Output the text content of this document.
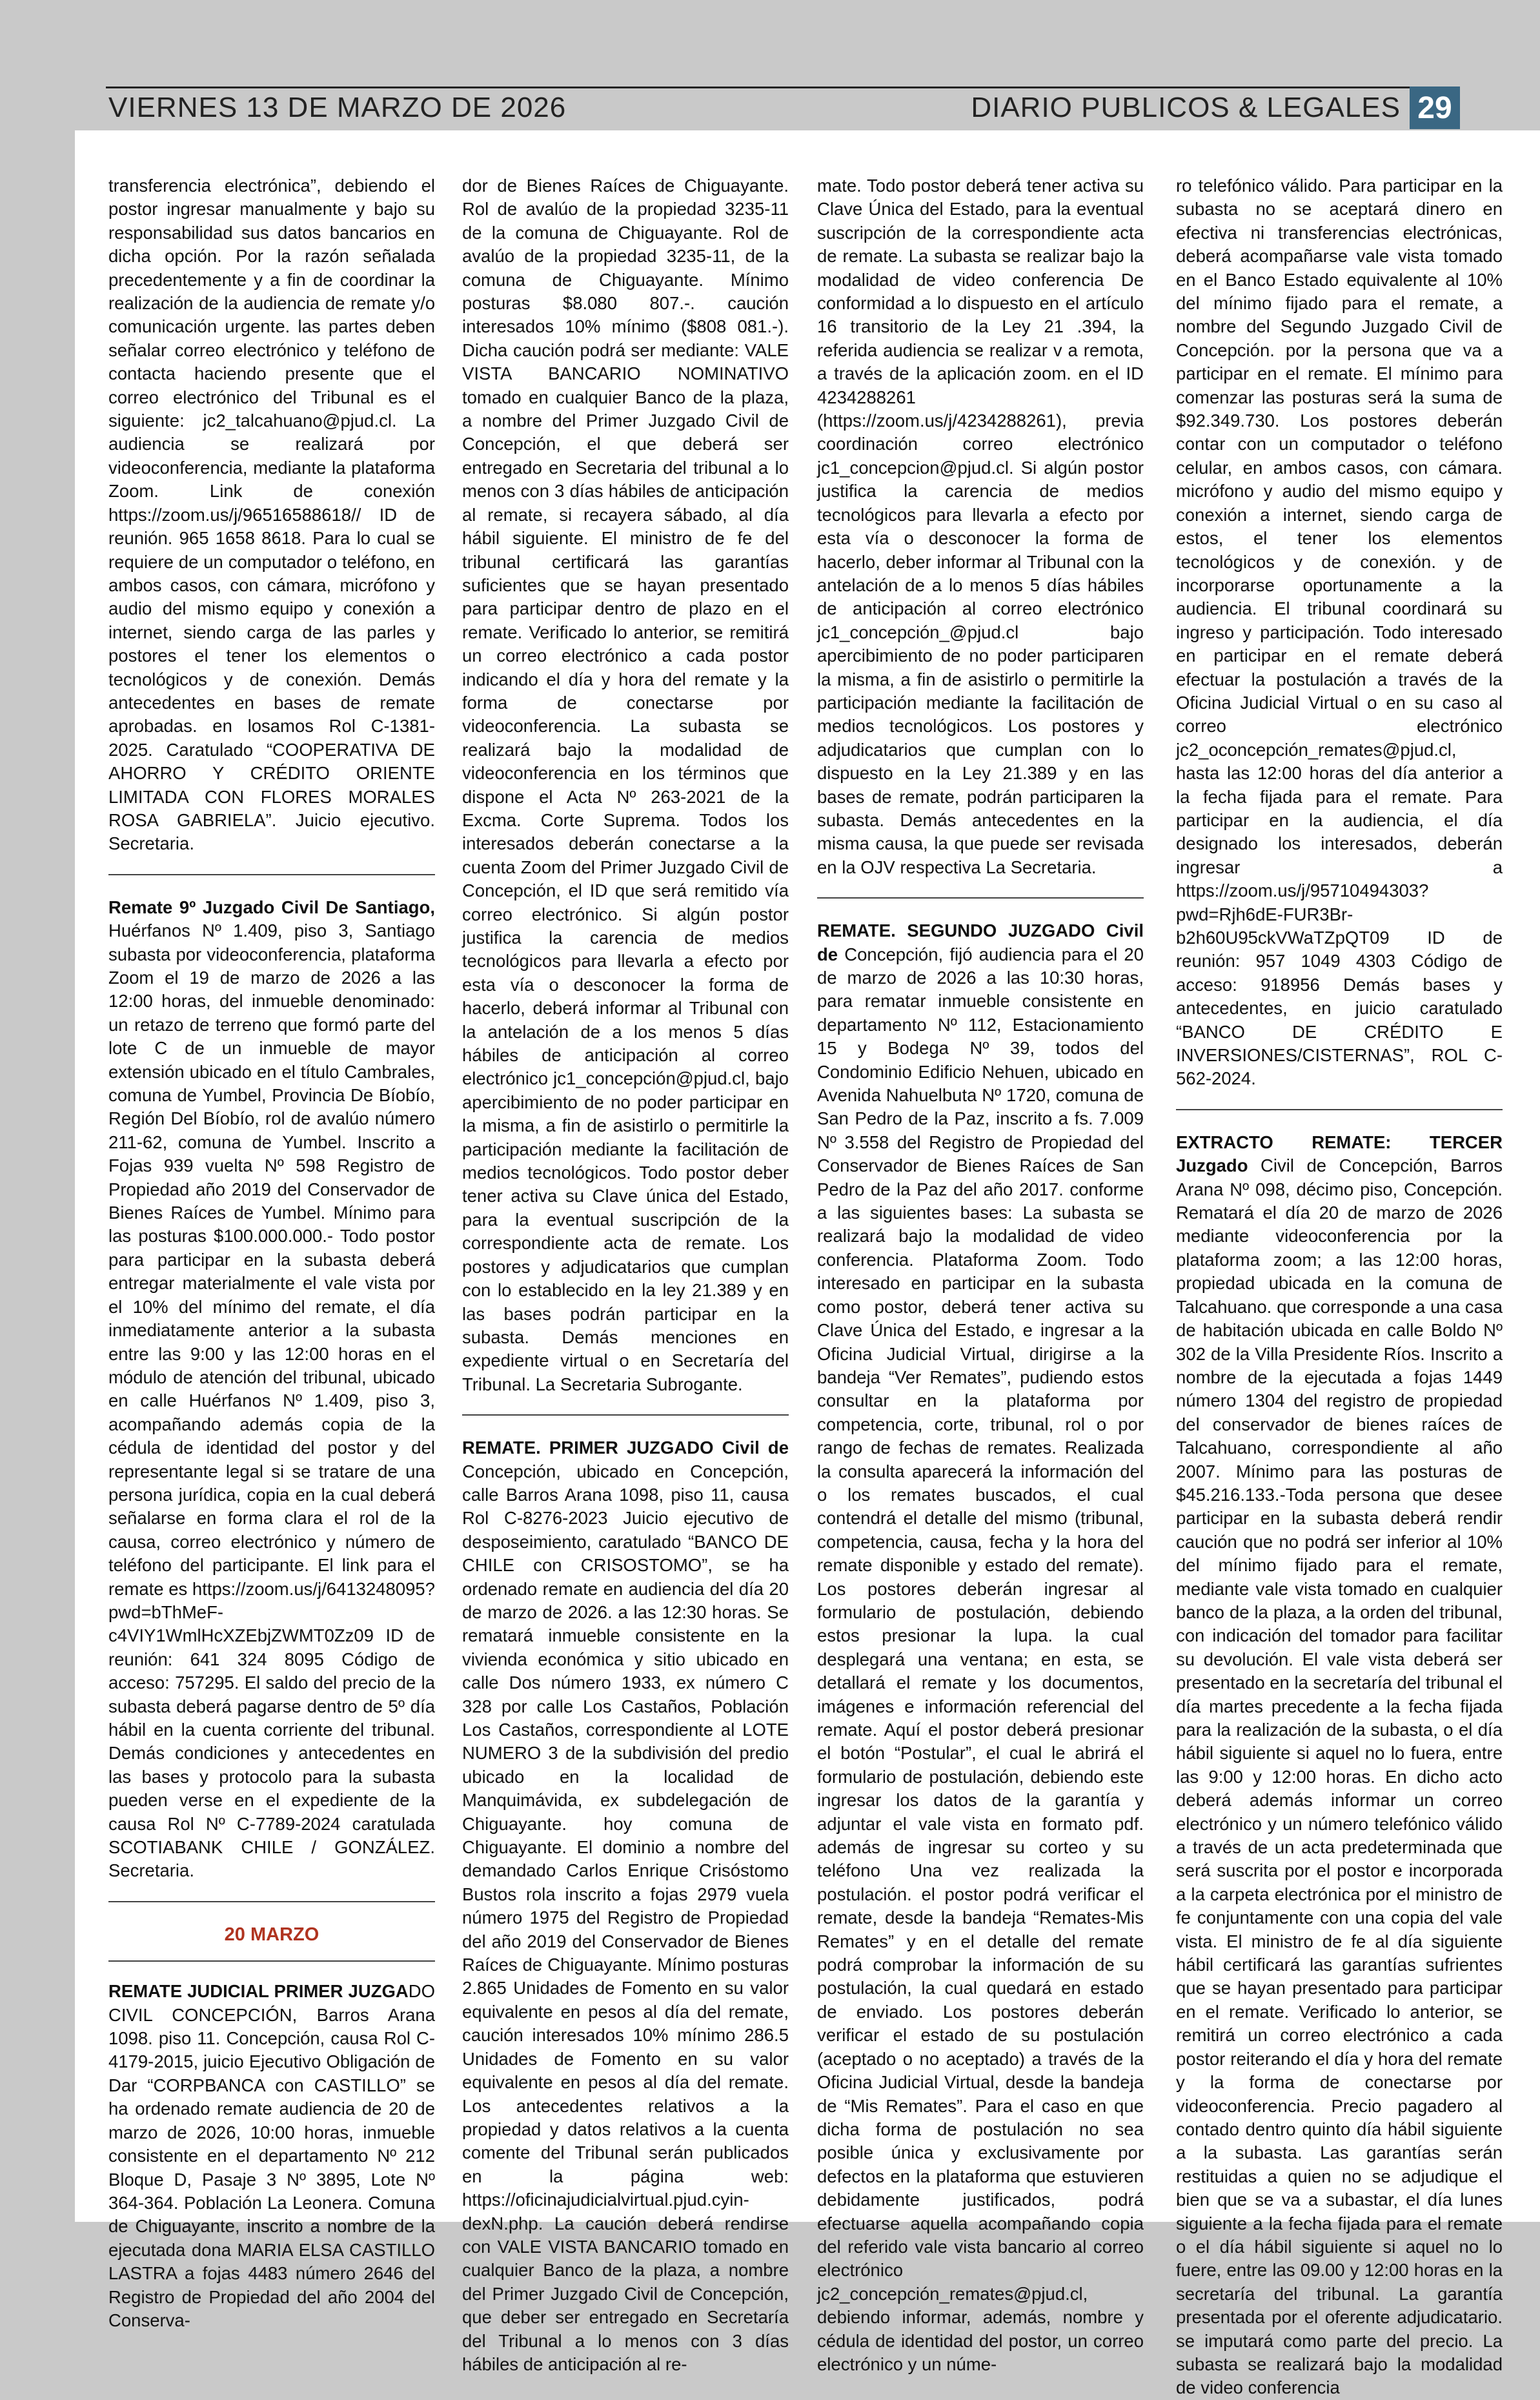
VIERNES 13 DE MARZO DE 2026	DIARIO PUBLICOS & LEGALES 29

transferencia electrónica”, debiendo el postor ingresar manualmente y bajo su responsabilidad sus datos bancarios en dicha opción. Por la razón señalada precedentemente y a fin de coordinar la realización de la audiencia de remate y/o comunicación urgente. las partes deben señalar correo electrónico y teléfono de contacta haciendo presente que el correo electrónico del Tribunal es el siguiente: jc2_talcahuano@pjud.cl. La audiencia se realizará por videoconferencia, mediante la plataforma Zoom. Link de conexión https://zoom.us/j/96516588618// ID de reunión. 965 1658 8618. Para lo cual se requiere de un computador o teléfono, en ambos casos, con cámara, micrófono y audio del mismo equipo y conexión a internet, siendo carga de las parles y postores el tener los elementos o tecnológicos y de conexión. Demás antecedentes en bases de remate aprobadas. en losamos Rol C-1381-2025. Caratulado “COOPERATIVA DE AHORRO Y CRÉDITO ORIENTE LIMITADA CON FLORES MORALES ROSA GABRIELA”. Juicio ejecutivo. Secretaria.

Remate 9º Juzgado Civil De Santiago, Huérfanos Nº 1.409, piso 3, Santiago subasta por videoconferencia, plataforma Zoom el 19 de marzo de 2026 a las 12:00 horas, del inmueble denominado: un retazo de terreno que formó parte del lote C de un inmueble de mayor extensión ubicado en el título Cambrales, comuna de Yumbel, Provincia De Bíobío, Región Del Bíobío, rol de avalúo número 211-62, comuna de Yumbel. Inscrito a Fojas 939 vuelta Nº 598 Registro de Propiedad año 2019 del Conservador de Bienes Raíces de Yumbel. Mínimo para las posturas $100.000.000.- Todo postor para participar en la subasta deberá entregar materialmente el vale vista por el 10% del mínimo del remate, el día inmediatamente anterior a la subasta entre las 9:00 y las 12:00 horas en el módulo de atención del tribunal, ubicado en calle Huérfanos Nº 1.409, piso 3, acompañando además copia de la cédula de identidad del postor y del representante legal si se tratare de una persona jurídica, copia en la cual deberá señalarse en forma clara el rol de la causa, correo electrónico y número de teléfono del participante. El link para el remate es https://zoom.us/j/6413248095?pwd=bThMeF-c4VIY1WmlHcXZEbjZWMT0Zz09 ID de reunión: 641 324 8095 Código de acceso: 757295. El saldo del precio de la subasta deberá pagarse dentro de 5º día hábil en la cuenta corriente del tribunal. Demás condiciones y antecedentes en las bases y protocolo para la subasta pueden verse en el expediente de la causa Rol Nº C-7789-2024 caratulada SCOTIABANK CHILE / GONZÁLEZ. Secretaria.

20 MARZO

REMATE JUDICIAL PRIMER JUZGADO CIVIL CONCEPCIÓN, Barros Arana 1098. piso 11. Concepción, causa Rol C-4179-2015, juicio Ejecutivo Obligación de Dar “CORPBANCA con CASTILLO” se ha ordenado remate audiencia de 20 de marzo de 2026, 10:00 horas, inmueble consistente en el departamento Nº 212 Bloque D, Pasaje 3 Nº 3895, Lote Nº 364-364. Población La Leonera. Comuna de Chiguayante, inscrito a nombre de la ejecutada dona MARIA ELSA CASTILLO LASTRA a fojas 4483 número 2646 del Registro de Propiedad del año 2004 del Conserva-

dor de Bienes Raíces de Chiguayante. Rol de avalúo de la propiedad 3235-11 de la comuna de Chiguayante. Rol de avalúo de la propiedad 3235-11, de la comuna de Chiguayante. Mínimo posturas $8.080 807.-. caución interesados 10% mínimo ($808 081.-). Dicha caución podrá ser mediante: VALE VISTA BANCARIO NOMINATIVO tomado en cualquier Banco de la plaza, a nombre del Primer Juzgado Civil de Concepción, el que deberá ser entregado en Secretaria del tribunal a lo menos con 3 días hábiles de anticipación al remate, si recayera sábado, al día hábil siguiente. El ministro de fe del tribunal certificará las garantías suficientes que se hayan presentado para participar dentro de plazo en el remate. Verificado lo anterior, se remitirá un correo electrónico a cada postor indicando el día y hora del remate y la forma de conectarse por videoconferencia. La subasta se realizará bajo la modalidad de videoconferencia en los términos que dispone el Acta Nº 263-2021 de la Excma. Corte Suprema. Todos los interesados deberán conectarse a la cuenta Zoom del Primer Juzgado Civil de Concepción, el ID que será remitido vía correo electrónico. Si algún postor justifica la carencia de medios tecnológicos para llevarla a efecto por esta vía o desconocer la forma de hacerlo, deberá informar al Tribunal con la antelación de a los menos 5 días hábiles de anticipación al correo electrónico jc1_concepción@pjud.cl, bajo apercibimiento de no poder participar en la misma, a fin de asistirlo o permitirle la participación mediante la facilitación de medios tecnológicos. Todo postor deber tener activa su Clave única del Estado, para la eventual suscripción de la correspondiente acta de remate. Los postores y adjudicatarios que cumplan con lo establecido en la ley 21.389 y en las bases podrán participar en la subasta. Demás menciones en expediente virtual o en Secretaría del Tribunal. La Secretaria Subrogante.

REMATE. PRIMER JUZGADO Civil de Concepción, ubicado en Concepción, calle Barros Arana 1098, piso 11, causa Rol C-8276-2023 Juicio ejecutivo de desposeimiento, caratulado “BANCO DE CHILE con CRISOSTOMO”, se ha ordenado remate en audiencia del día 20 de marzo de 2026. a las 12:30 horas. Se rematará inmueble consistente en la vivienda económica y sitio ubicado en calle Dos número 1933, ex número C 328 por calle Los Castaños, Población Los Castaños, correspondiente al LOTE NUMERO 3 de la subdivisión del predio ubicado en la localidad de Manquimávida, ex subdelegación de Chiguayante. hoy comuna de Chiguayante. El dominio a nombre del demandado Carlos Enrique Crisóstomo Bustos rola inscrito a fojas 2979 vuela número 1975 del Registro de Propiedad del año 2019 del Conservador de Bienes Raíces de Chiguayante. Mínimo posturas 2.865 Unidades de Fomento en su valor equivalente en pesos al día del remate, caución interesados 10% mínimo 286.5 Unidades de Fomento en su valor equivalente en pesos al día del remate. Los antecedentes relativos a la propiedad y datos relativos a la cuenta comente del Tribunal serán publicados en la página web: https://oficinajudicialvirtual.pjud.cyin-dexN.php. La caución deberá rendirse con VALE VISTA BANCARIO tomado en cualquier Banco de la plaza, a nombre del Primer Juzgado Civil de Concepción, que deber ser entregado en Secretaría del Tribunal a lo menos con 3 días hábiles de anticipación al re-

mate. Todo postor deberá tener activa su Clave Única del Estado, para la eventual suscripción de la correspondiente acta de remate. La subasta se realizar bajo la modalidad de video conferencia De conformidad a lo dispuesto en el artículo 16 transitorio de la Ley 21 .394, la referida audiencia se realizar v a remota, a través de la aplicación zoom. en el ID 4234288261 (https://zoom.us/j/4234288261), previa coordinación correo electrónico jc1_concepcion@pjud.cl. Si algún postor justifica la carencia de medios tecnológicos para llevarla a efecto por esta vía o desconocer la forma de hacerlo, deber informar al Tribunal con la antelación de a lo menos 5 días hábiles de anticipación al correo electrónico jc1_concepción_@pjud.cl bajo apercibimiento de no poder participaren la misma, a fin de asistirlo o permitirle la participación mediante la facilitación de medios tecnológicos. Los postores y adjudicatarios que cumplan con lo dispuesto en la Ley 21.389 y en las bases de remate, podrán participaren la subasta. Demás antecedentes en la misma causa, la que puede ser revisada en la OJV respectiva La Secretaria.

REMATE. SEGUNDO JUZGADO Civil de Concepción, fijó audiencia para el 20 de marzo de 2026 a las 10:30 horas, para rematar inmueble consistente en departamento Nº 112, Estacionamiento 15 y Bodega Nº 39, todos del Condominio Edificio Nehuen, ubicado en Avenida Nahuelbuta Nº 1720, comuna de San Pedro de la Paz, inscrito a fs. 7.009 Nº 3.558 del Registro de Propiedad del Conservador de Bienes Raíces de San Pedro de la Paz del año 2017. conforme a las siguientes bases: La subasta se realizará bajo la modalidad de video conferencia. Plataforma Zoom. Todo interesado en participar en la subasta como postor, deberá tener activa su Clave Única del Estado, e ingresar a la Oficina Judicial Virtual, dirigirse a la bandeja “Ver Remates”, pudiendo estos consultar en la plataforma por competencia, corte, tribunal, rol o por rango de fechas de remates. Realizada la consulta aparecerá la información del o los remates buscados, el cual contendrá el detalle del mismo (tribunal, competencia, causa, fecha y la hora del remate disponible y estado del remate). Los postores deberán ingresar al formulario de postulación, debiendo estos presionar la lupa. la cual desplegará una ventana; en esta, se detallará el remate y los documentos, imágenes e información referencial del remate. Aquí el postor deberá presionar el botón “Postular”, el cual le abrirá el formulario de postulación, debiendo este ingresar los datos de la garantía y adjuntar el vale vista en formato pdf. además de ingresar su corteo y su teléfono Una vez realizada la postulación. el postor podrá verificar el remate, desde la bandeja “Remates-Mis Remates” y en el detalle del remate podrá comprobar la información de su postulación, la cual quedará en estado de enviado. Los postores deberán verificar el estado de su postulación (aceptado o no aceptado) a través de la Oficina Judicial Virtual, desde la bandeja de “Mis Remates”. Para el caso en que dicha forma de postulación no sea posible única y exclusivamente por defectos en la plataforma que estuvieren debidamente justificados, podrá efectuarse aquella acompañando copia del referido vale vista bancario al correo electrónico jc2_concepción_remates@pjud.cl, debiendo informar, además, nombre y cédula de identidad del postor, un correo electrónico y un núme-

ro telefónico válido. Para participar en la subasta no se aceptará dinero en efectiva ni transferencias electrónicas, deberá acompañarse vale vista tomado en el Banco Estado equivalente al 10% del mínimo fijado para el remate, a nombre del Segundo Juzgado Civil de Concepción. por la persona que va a participar en el remate. El mínimo para comenzar las posturas será la suma de $92.349.730. Los postores deberán contar con un computador o teléfono celular, en ambos casos, con cámara. micrófono y audio del mismo equipo y conexión a internet, siendo carga de estos, el tener los elementos tecnológicos y de conexión. y de incorporarse oportunamente a la audiencia. El tribunal coordinará su ingreso y participación. Todo interesado en participar en el remate deberá efectuar la postulación a través de la Oficina Judicial Virtual o en su caso al correo electrónico jc2_oconcepción_remates@pjud.cl, hasta las 12:00 horas del día anterior a la fecha fijada para el remate. Para participar en la audiencia, el día designado los interesados, deberán ingresar a https://zoom.us/j/95710494303?pwd=Rjh6dE-FUR3Br-b2h60U95ckVWaTZpQT09 ID de reunión: 957 1049 4303 Código de acceso: 918956 Demás bases y antecedentes, en juicio caratulado “BANCO DE CRÉDITO E INVERSIONES/CISTERNAS”, ROL C-562-2024.

EXTRACTO REMATE: TERCER Juzgado Civil de Concepción, Barros Arana Nº 098, décimo piso, Concepción. Rematará el día 20 de marzo de 2026 mediante videoconferencia por la plataforma zoom; a las 12:00 horas, propiedad ubicada en la comuna de Talcahuano. que corresponde a una casa de habitación ubicada en calle Boldo Nº 302 de la Villa Presidente Ríos. Inscrito a nombre de la ejecutada a fojas 1449 número 1304 del registro de propiedad del conservador de bienes raíces de Talcahuano, correspondiente al año 2007. Mínimo para las posturas de $45.216.133.-Toda persona que desee participar en la subasta deberá rendir caución que no podrá ser inferior al 10% del mínimo fijado para el remate, mediante vale vista tomado en cualquier banco de la plaza, a la orden del tribunal, con indicación del tomador para facilitar su devolución. El vale vista deberá ser presentado en la secretaría del tribunal el día martes precedente a la fecha fijada para la realización de la subasta, o el día hábil siguiente si aquel no lo fuera, entre las 9:00 y 12:00 horas. En dicho acto deberá además informar un correo electrónico y un número telefónico válido a través de un acta predeterminada que será suscrita por el postor e incorporada a la carpeta electrónica por el ministro de fe conjuntamente con una copia del vale vista. El ministro de fe al día siguiente hábil certificará las garantías sufrientes que se hayan presentado para participar en el remate. Verificado lo anterior, se remitirá un correo electrónico a cada postor reiterando el día y hora del remate y la forma de conectarse por videoconferencia. Precio pagadero al contado dentro quinto día hábil siguiente a la subasta. Las garantías serán restituidas a quien no se adjudique el bien que se va a subastar, el día lunes siguiente a la fecha fijada para el remate o el día hábil siguiente si aquel no lo fuere, entre las 09.00 y 12:00 horas en la secretaría del tribunal. La garantía presentada por el oferente adjudicatario. se imputará como parte del precio. La subasta se realizará bajo la modalidad de video conferencia
